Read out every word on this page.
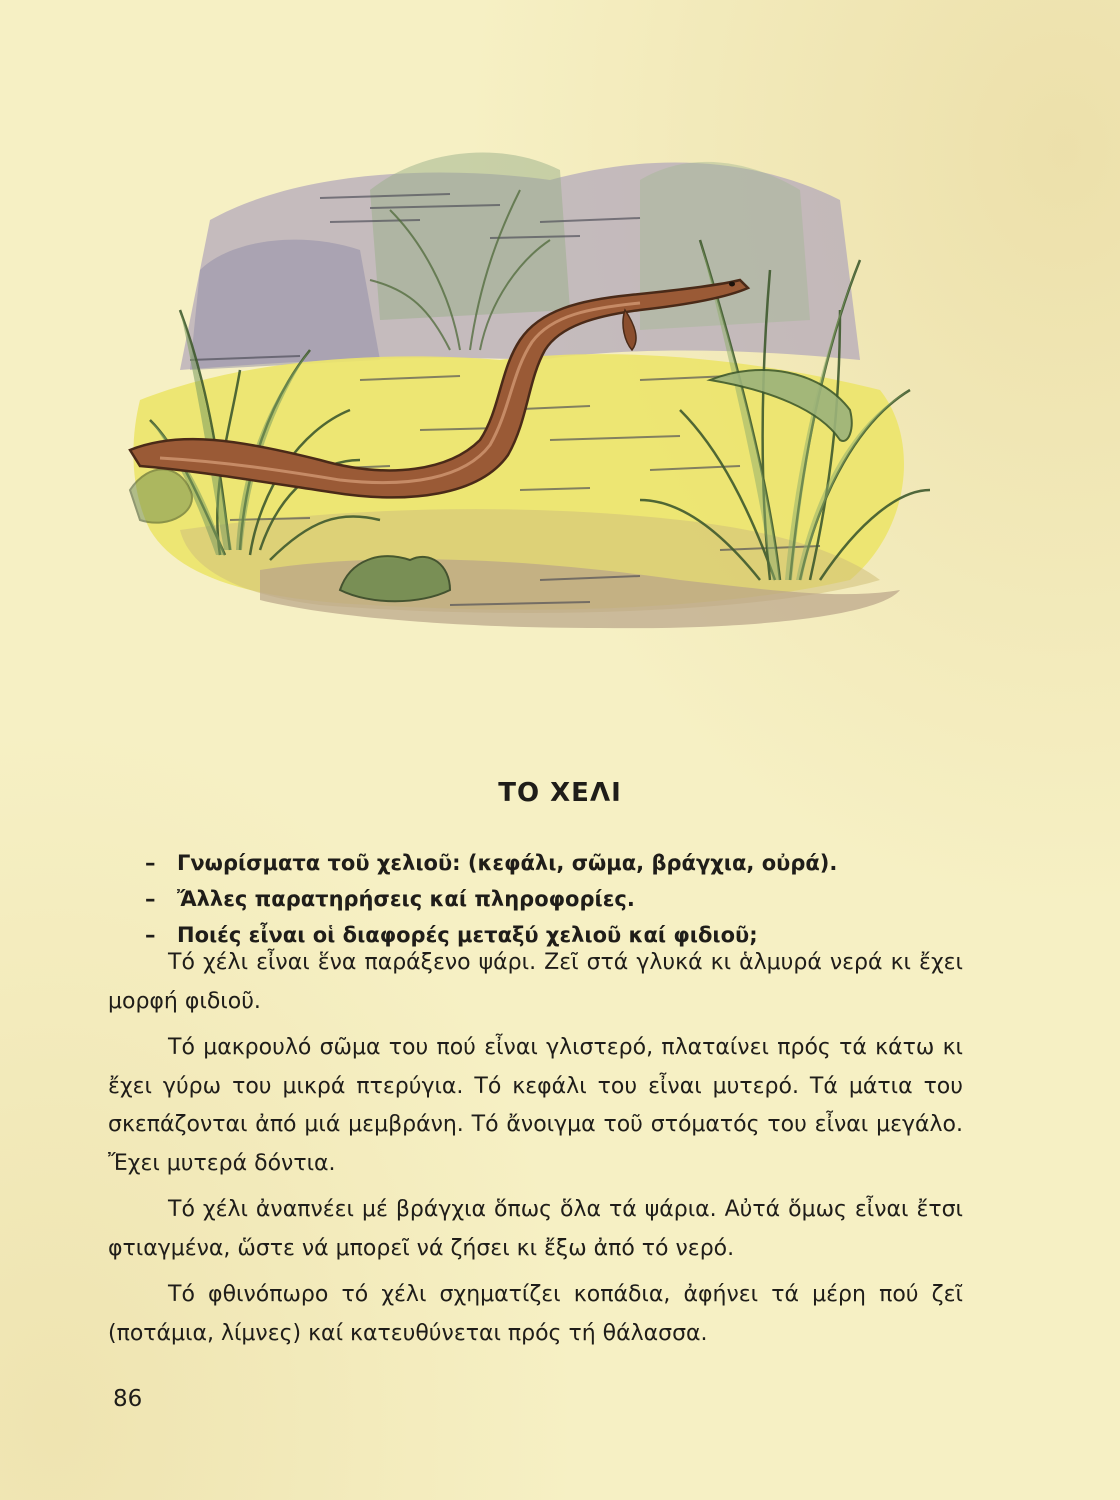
ΤΟ ΧΕΛΙ
– Γνωρίσματα τοῦ χελιοῦ: (κεφάλι, σῶμα, βράγχια, οὐρά).
– Ἄλλες παρατηρήσεις καί πληροφορίες.
– Ποιές εἶναι οἱ διαφορές μεταξύ χελιοῦ καί φιδιοῦ;

Τό χέλι εἶναι ἕνα παράξενο ψάρι. Ζεῖ στά γλυκά κι ἁλμυρά νερά κι ἔχει μορφή φιδιοῦ.

Τό μακρουλό σῶμα του πού εἶναι γλιστερό, πλαταίνει πρός τά κάτω κι ἔχει γύρω του μικρά πτερύγια. Τό κεφάλι του εἶναι μυτερό. Τά μάτια του σκεπάζονται ἀπό μιά μεμβράνη. Τό ἄνοιγμα τοῦ στόματός του εἶναι μεγάλο. Ἔχει μυτερά δόντια.

Τό χέλι ἀναπνέει μέ βράγχια ὅπως ὅλα τά ψάρια. Αὐτά ὅμως εἶναι ἔτσι φτιαγμένα, ὥστε νά μπορεῖ νά ζήσει κι ἔξω ἀπό τό νερό.

Τό φθινόπωρο τό χέλι σχηματίζει κοπάδια, ἀφήνει τά μέρη πού ζεῖ (ποτάμια, λίμνες) καί κατευθύνεται πρός τή θάλασσα.

86
